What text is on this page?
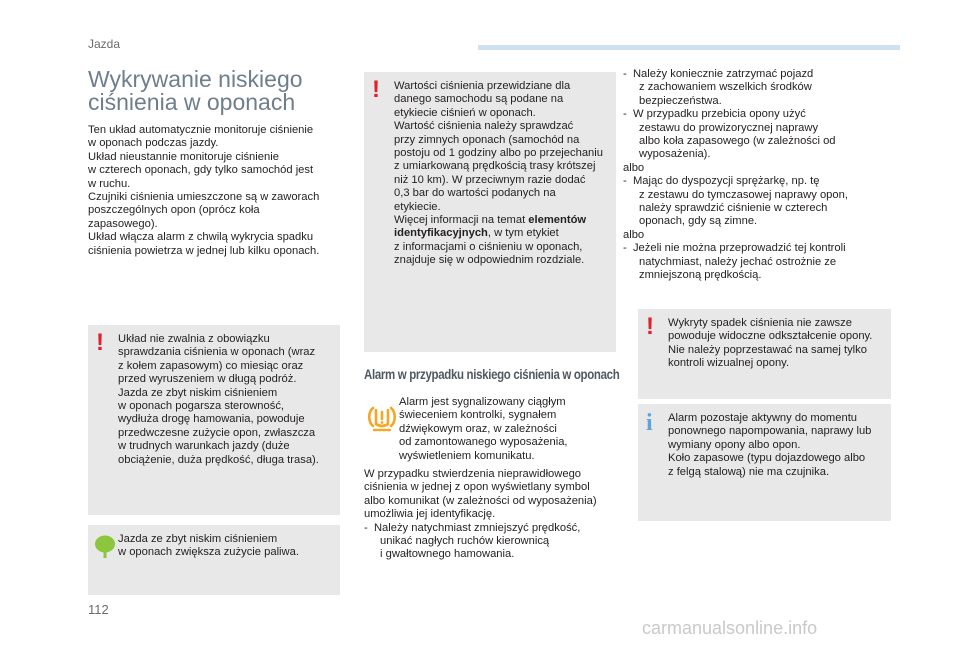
Jazda
Wykrywanie niskiego ciśnienia w oponach
Ten układ automatycznie monitoruje ciśnienie
w oponach podczas jazdy.
Układ nieustannie monitoruje ciśnienie
w czterech oponach, gdy tylko samochód jest
w ruchu.
Czujniki ciśnienia umieszczone są w zaworach
poszczególnych opon (oprócz koła
zapasowego).
Układ włącza alarm z chwilą wykrycia spadku
ciśnienia powietrza w jednej lub kilku oponach.
! Układ nie zwalnia z obowiązku
sprawdzania ciśnienia w oponach (wraz
z kołem zapasowym) co miesiąc oraz
przed wyruszeniem w długą podróż.
Jazda ze zbyt niskim ciśnieniem
w oponach pogarsza sterowność,
wydłuża drogę hamowania, powoduje
przedwczesne zużycie opon, zwłaszcza
w trudnych warunkach jazdy (duże
obciążenie, duża prędkość, długa trasa).
Jazda ze zbyt niskim ciśnieniem
w oponach zwiększa zużycie paliwa.
! Wartości ciśnienia przewidziane dla
danego samochodu są podane na
etykiecie ciśnień w oponach.
Wartość ciśnienia należy sprawdzać
przy zimnych oponach (samochód na
postoju od 1 godziny albo po przejechaniu
z umiarkowaną prędkością trasy krótszej
niż 10 km). W przeciwnym razie dodać
0,3 bar do wartości podanych na
etykiecie.
Więcej informacji na temat elementów
identyfikacyjnych, w tym etykiet
z informacjami o ciśnieniu w oponach,
znajduje się w odpowiednim rozdziale.
Alarm w przypadku niskiego ciśnienia w oponach
Alarm jest sygnalizowany ciągłym
świeceniem kontrolki, sygnałem
dźwiękowym oraz, w zależności
od zamontowanego wyposażenia,
wyświetleniem komunikatu.
W przypadku stwierdzenia nieprawidłowego
ciśnienia w jednej z opon wyświetlany symbol
albo komunikat (w zależności od wyposażenia)
umożliwia jej identyfikację.
-  Należy natychmiast zmniejszyć prędkość,
unikać nagłych ruchów kierownicą
i gwałtownego hamowania.
-  Należy koniecznie zatrzymać pojazd
z zachowaniem wszelkich środków
bezpieczeństwa.
-  W przypadku przebicia opony użyć
zestawu do prowizorycznej naprawy
albo koła zapasowego (w zależności od
wyposażenia).
albo
-  Mając do dyspozycji sprężarkę, np. tę
z zestawu do tymczasowej naprawy opon,
należy sprawdzić ciśnienie w czterech
oponach, gdy są zimne.
albo
-  Jeżeli nie można przeprowadzić tej kontroli
natychmiast, należy jechać ostrożnie ze
zmniejszoną prędkością.
! Wykryty spadek ciśnienia nie zawsze
powoduje widoczne odkształcenie opony.
Nie należy poprzestawać na samej tylko
kontroli wizualnej opony.
i Alarm pozostaje aktywny do momentu
ponownego napompowania, naprawy lub
wymiany opony albo opon.
Koło zapasowe (typu dojazdowego albo
z felgą stalową) nie ma czujnika.
112
carmanualsonline.info
